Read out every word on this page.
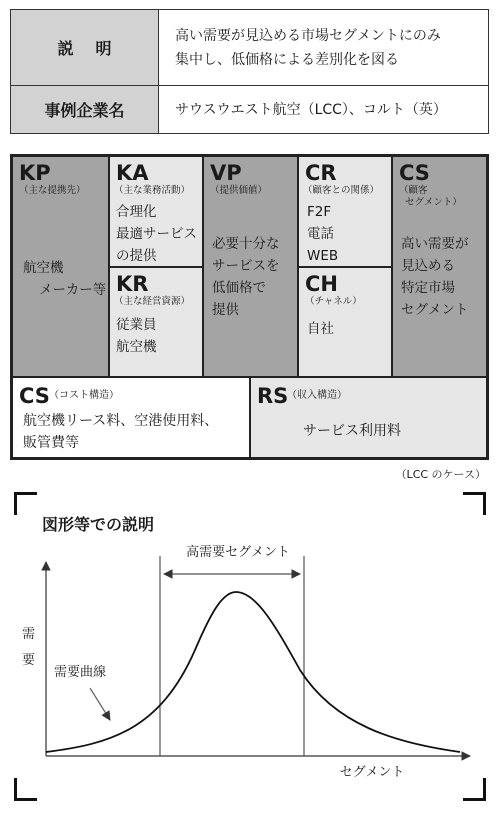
説明
高い需要が見込める市場セグメントにのみ
集中し、低価格による差別化を図る
事例企業名	サウスウエスト航空（LCC）、コルト（英）
KP
（主な提携先）
航空機
メーカー等
KA
（主な業務活動）
合理化
最適サービス
の提供
KR
（主な経営資源）
従業員
航空機
VP
（提供価値）
必要十分な
サービスを
低価格で
提供
CR
（顧客との関係）
F2F
電話
WEB
CH
（チャネル）
自社
CS
（顧客
セグメント）
高い需要が
見込める
特定市場
セグメント
CS （コスト構造）
航空機リース料、空港使用料、
販管費等
RS
（収入構造）
サービス利用料
（LCC のケース）
図形等での説明
高需要セグメント
需要曲線
需
要
セグメント
